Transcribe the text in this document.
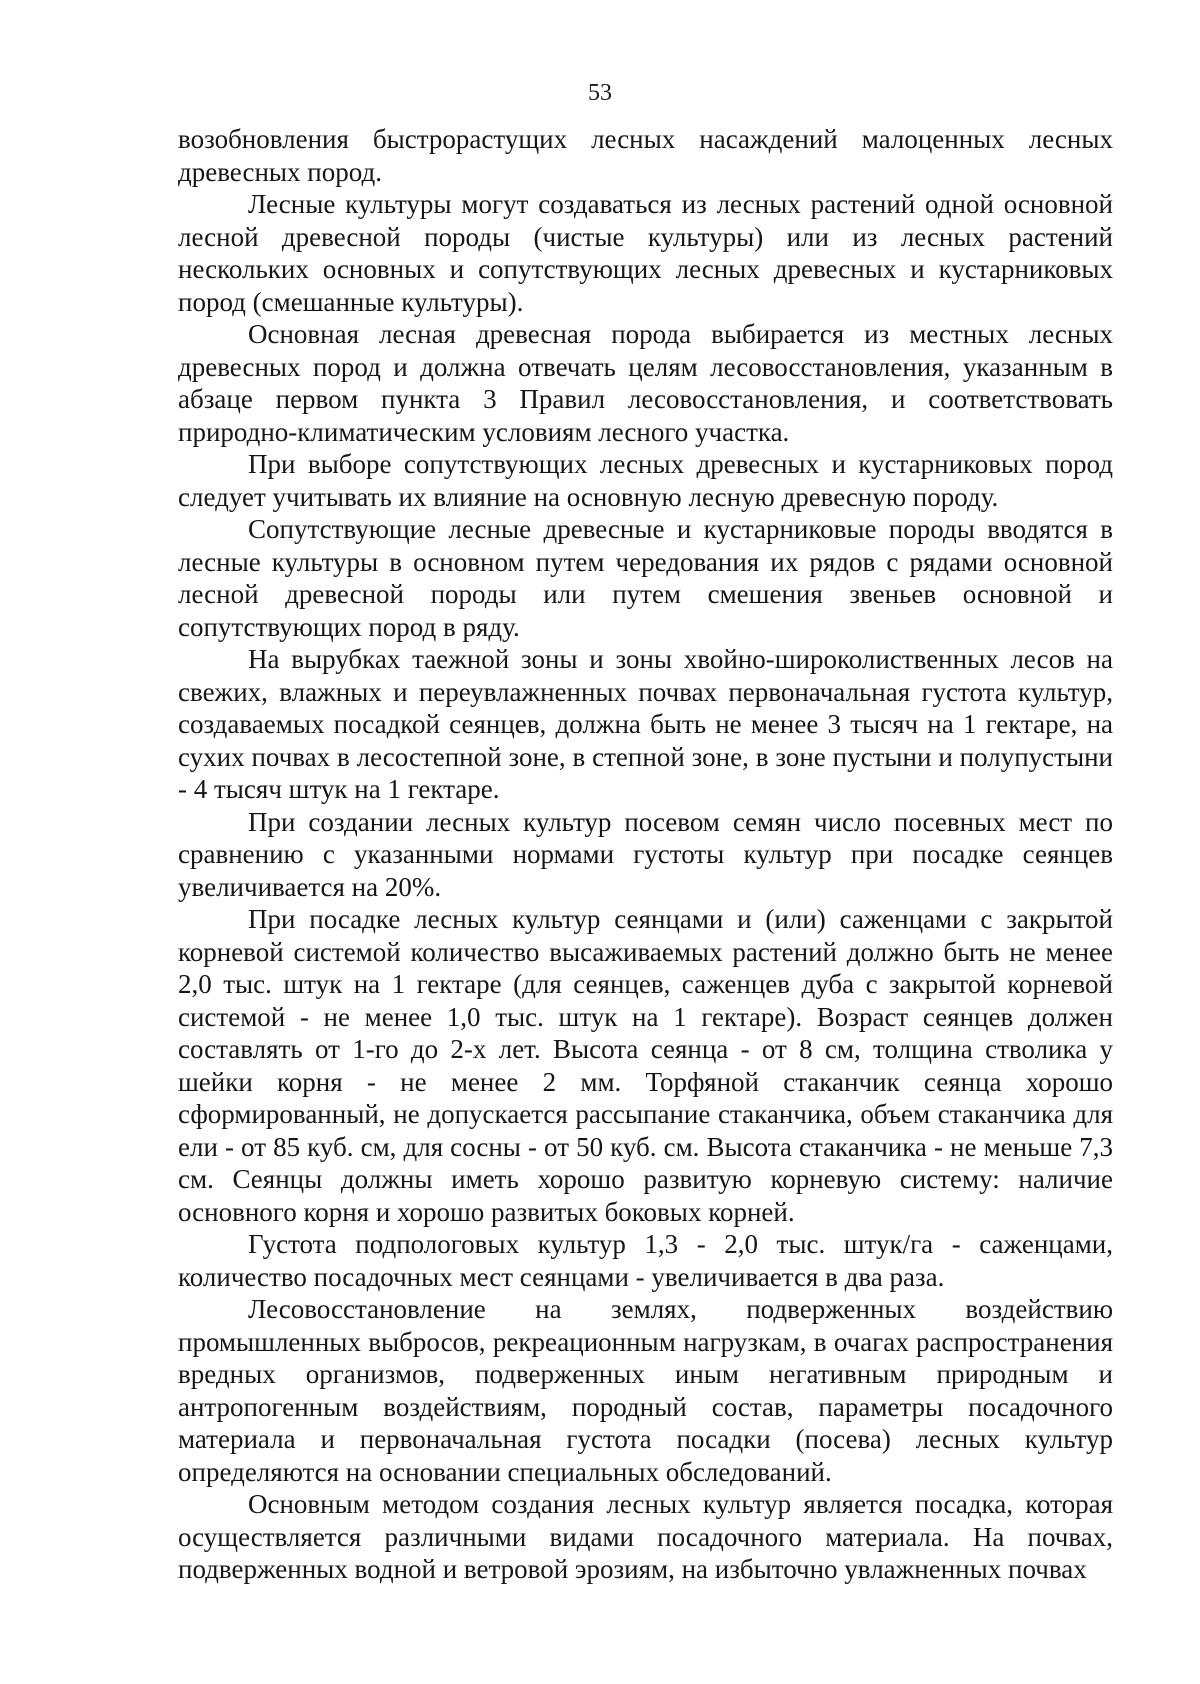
53

возобновления быстрорастущих лесных насаждений малоценных лесных древесных пород.

Лесные культуры могут создаваться из лесных растений одной основной лесной древесной породы (чистые культуры) или из лесных растений нескольких основных и сопутствующих лесных древесных и кустарниковых пород (смешанные культуры).

Основная лесная древесная порода выбирается из местных лесных древесных пород и должна отвечать целям лесовосстановления, указанным в абзаце первом пункта 3 Правил лесовосстановления, и соответствовать природно-климатическим условиям лесного участка.

При выборе сопутствующих лесных древесных и кустарниковых пород следует учитывать их влияние на основную лесную древесную породу.

Сопутствующие лесные древесные и кустарниковые породы вводятся в лесные культуры в основном путем чередования их рядов с рядами основной лесной древесной породы или путем смешения звеньев основной и сопутствующих пород в ряду.

На вырубках таежной зоны и зоны хвойно-широколиственных лесов на свежих, влажных и переувлажненных почвах первоначальная густота культур, создаваемых посадкой сеянцев, должна быть не менее 3 тысяч на 1 гектаре, на сухих почвах в лесостепной зоне, в степной зоне, в зоне пустыни и полупустыни - 4 тысяч штук на 1 гектаре.

При создании лесных культур посевом семян число посевных мест по сравнению с указанными нормами густоты культур при посадке сеянцев увеличивается на 20%.

При посадке лесных культур сеянцами и (или) саженцами с закрытой корневой системой количество высаживаемых растений должно быть не менее 2,0 тыс. штук на 1 гектаре (для сеянцев, саженцев дуба с закрытой корневой системой - не менее 1,0 тыс. штук на 1 гектаре). Возраст сеянцев должен составлять от 1-го до 2-х лет. Высота сеянца - от 8 см, толщина стволика у шейки корня - не менее 2 мм. Торфяной стаканчик сеянца хорошо сформированный, не допускается рассыпание стаканчика, объем стаканчика для ели - от 85 куб. см, для сосны - от 50 куб. см. Высота стаканчика - не меньше 7,3 см. Сеянцы должны иметь хорошо развитую корневую систему: наличие основного корня и хорошо развитых боковых корней.

Густота подпологовых культур 1,3 - 2,0 тыс. штук/га - саженцами, количество посадочных мест сеянцами - увеличивается в два раза.

Лесовосстановление на землях, подверженных воздействию промышленных выбросов, рекреационным нагрузкам, в очагах распространения вредных организмов, подверженных иным негативным природным и антропогенным воздействиям, породный состав, параметры посадочного материала и первоначальная густота посадки (посева) лесных культур определяются на основании специальных обследований.

Основным методом создания лесных культур является посадка, которая осуществляется различными видами посадочного материала. На почвах, подверженных водной и ветровой эрозиям, на избыточно увлажненных почвах
